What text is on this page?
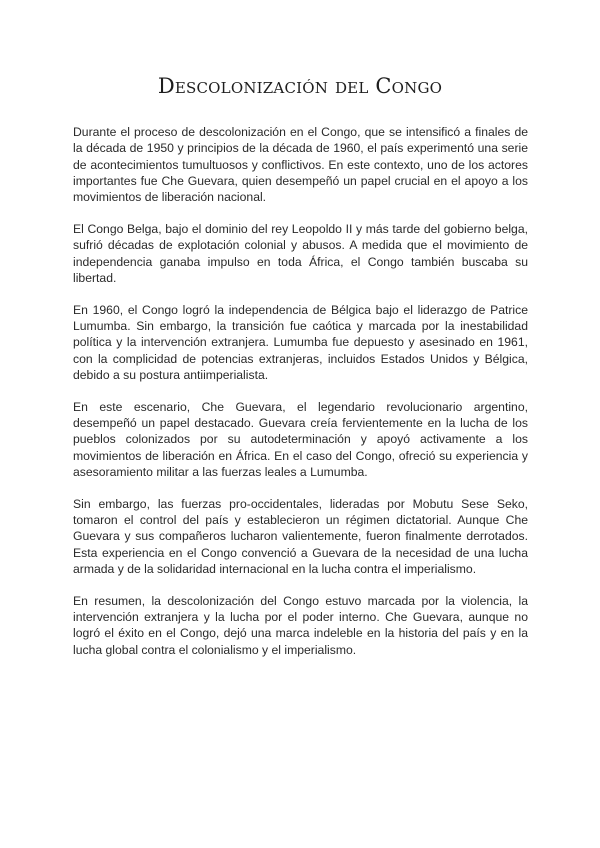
Descolonización del Congo

Durante el proceso de descolonización en el Congo, que se intensificó a finales de la década de 1950 y principios de la década de 1960, el país experimentó una serie de acontecimientos tumultuosos y conflictivos. En este contexto, uno de los actores importantes fue Che Guevara, quien desempeñó un papel crucial en el apoyo a los movimientos de liberación nacional.

El Congo Belga, bajo el dominio del rey Leopoldo II y más tarde del gobierno belga, sufrió décadas de explotación colonial y abusos. A medida que el movimiento de independencia ganaba impulso en toda África, el Congo también buscaba su libertad.

En 1960, el Congo logró la independencia de Bélgica bajo el liderazgo de Patrice Lumumba. Sin embargo, la transición fue caótica y marcada por la inestabilidad política y la intervención extranjera. Lumumba fue depuesto y asesinado en 1961, con la complicidad de potencias extranjeras, incluidos Estados Unidos y Bélgica, debido a su postura antiimperialista.

En este escenario, Che Guevara, el legendario revolucionario argentino, desempeñó un papel destacado. Guevara creía fervientemente en la lucha de los pueblos colonizados por su autodeterminación y apoyó activamente a los movimientos de liberación en África. En el caso del Congo, ofreció su experiencia y asesoramiento militar a las fuerzas leales a Lumumba.

Sin embargo, las fuerzas pro-occidentales, lideradas por Mobutu Sese Seko, tomaron el control del país y establecieron un régimen dictatorial. Aunque Che Guevara y sus compañeros lucharon valientemente, fueron finalmente derrotados. Esta experiencia en el Congo convenció a Guevara de la necesidad de una lucha armada y de la solidaridad internacional en la lucha contra el imperialismo.

En resumen, la descolonización del Congo estuvo marcada por la violencia, la intervención extranjera y la lucha por el poder interno. Che Guevara, aunque no logró el éxito en el Congo, dejó una marca indeleble en la historia del país y en la lucha global contra el colonialismo y el imperialismo.
